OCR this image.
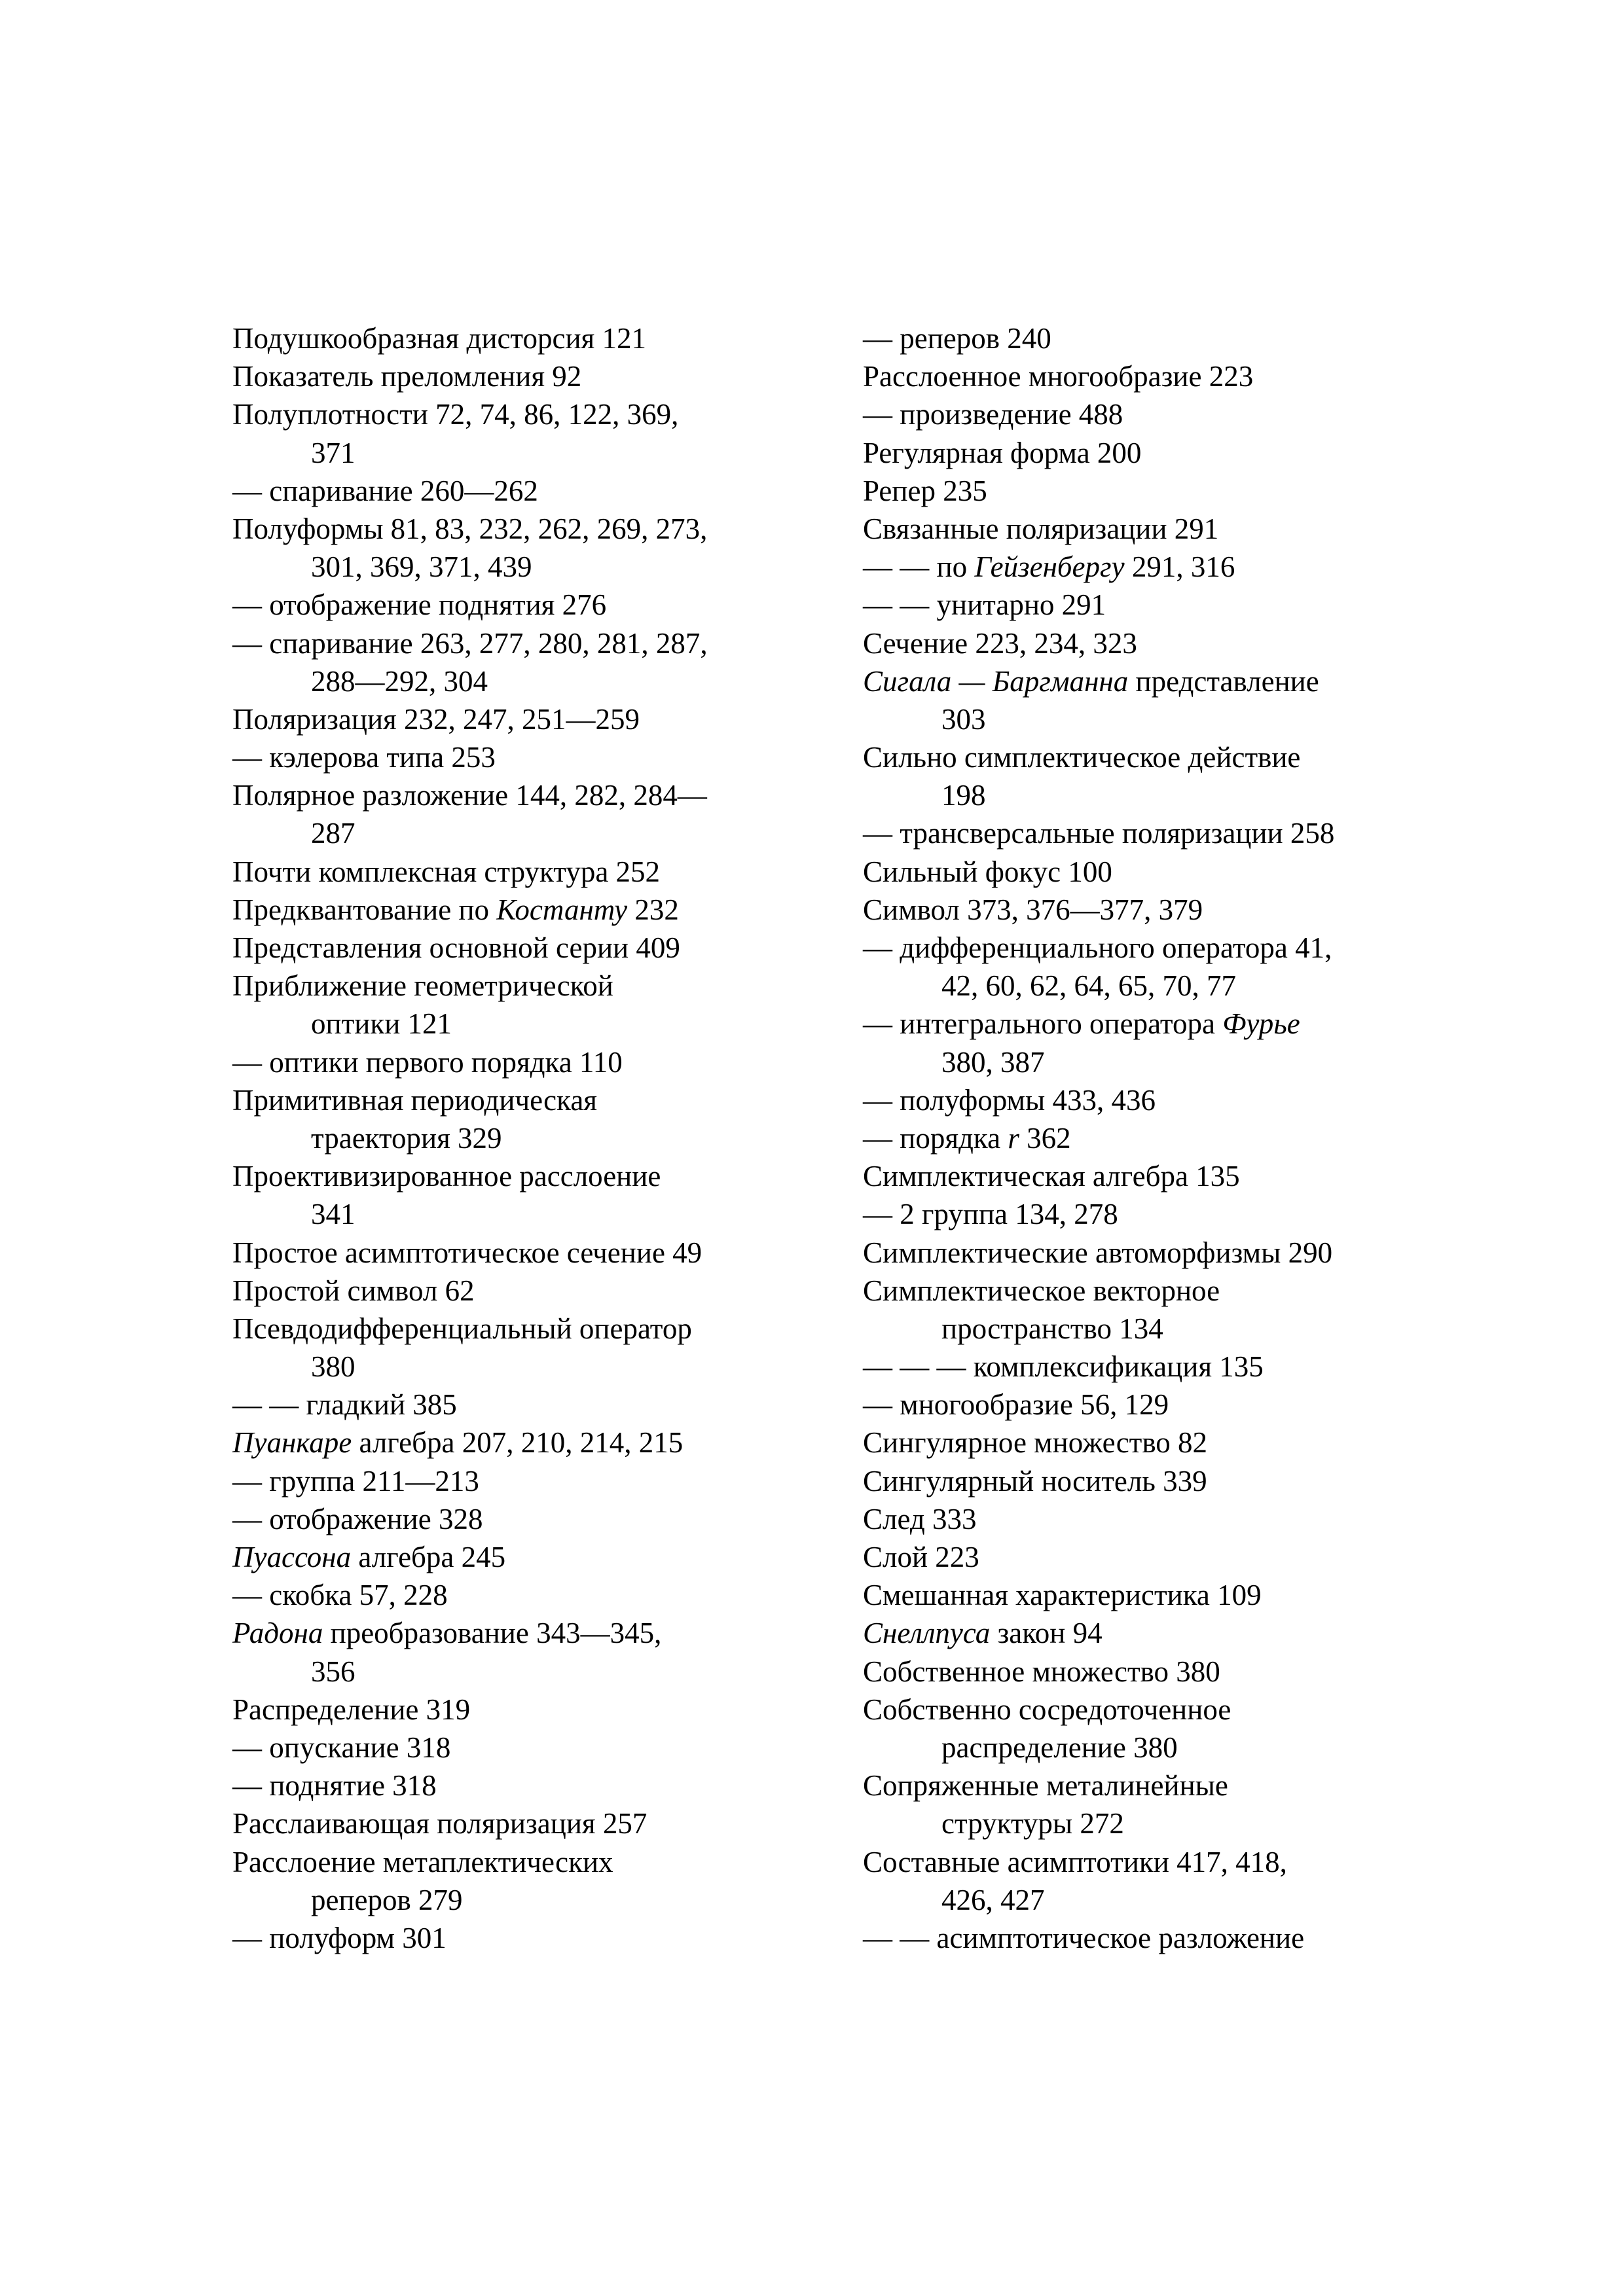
Подушкообразная дисторсия 121
Показатель преломления 92
Полуплотности 72, 74, 86, 122, 369,
371
— спаривание 260—262
Полуформы 81, 83, 232, 262, 269, 273,
301, 369, 371, 439
— отображение поднятия 276
— спаривание 263, 277, 280, 281, 287,
288—292, 304
Поляризация 232, 247, 251—259
— кэлерова типа 253
Полярное разложение 144, 282, 284—
287
Почти комплексная структура 252
Предквантование по Костанту 232
Представления основной серии 409
Приближение геометрической
оптики 121
— оптики первого порядка 110
Примитивная периодическая
траектория 329
Проективизированное расслоение
341
Простое асимптотическое сечение 49
Простой символ 62
Псевдодифференциальный оператор
380
— — гладкий 385
Пуанкаре алгебра 207, 210, 214, 215
— группа 211—213
— отображение 328
Пуассона алгебра 245
— скобка 57, 228
Радона преобразование 343—345,
356
Распределение 319
— опускание 318
— поднятие 318
Расслаивающая поляризация 257
Расслоение метаплектических
реперов 279
— полуформ 301
— реперов 240
Расслоенное многообразие 223
— произведение 488
Регулярная форма 200
Репер 235
Связанные поляризации 291
— — по Гейзенбергу 291, 316
— — унитарно 291
Сечение 223, 234, 323
Сигала — Баргманна представление
303
Сильно симплектическое действие
198
— трансверсальные поляризации 258
Сильный фокус 100
Символ 373, 376—377, 379
— дифференциального оператора 41,
42, 60, 62, 64, 65, 70, 77
— интегрального оператора Фурье
380, 387
— полуформы 433, 436
— порядка r 362
Симплектическая алгебра 135
— 2 группа 134, 278
Симплектические автоморфизмы 290
Симплектическое векторное
пространство 134
— — — комплексификация 135
— многообразие 56, 129
Сингулярное множество 82
Сингулярный носитель 339
След 333
Слой 223
Смешанная характеристика 109
Снеллпуса закон 94
Собственное множество 380
Собственно сосредоточенное
распределение 380
Сопряженные металинейные
структуры 272
Составные асимптотики 417, 418,
426, 427
— — асимптотическое разложение
